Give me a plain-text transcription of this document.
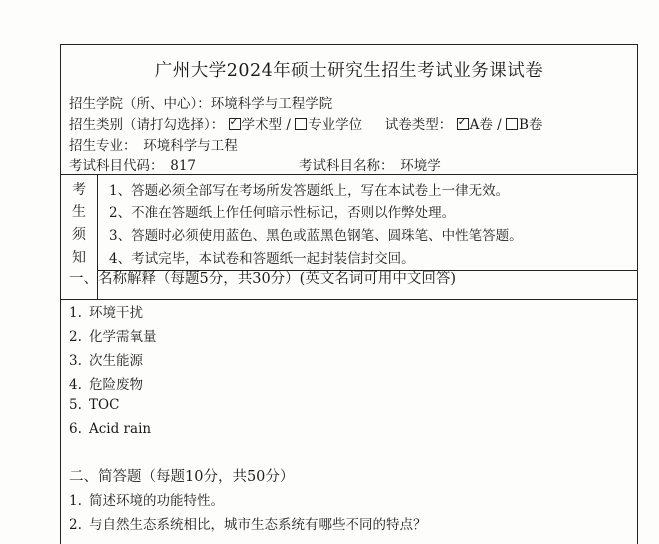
广州大学2024年硕士研究生招生考试业务课试卷
招生学院（所、中心）：环境科学与工程学院
招生类别（请打勾选择）： ✓ 学术型 / 专业学位 试卷类型： ✓ A卷 / B卷
招生专业：　环境科学与工程
考试科目代码：　817	考试科目名称：　环境学
考
生
须
知
1、答题必须全部写在考场所发答题纸上，写在本试卷上一律无效。
2、不准在答题纸上作任何暗示性标记，否则以作弊处理。
3、答题时必须使用蓝色、黑色或蓝黑色钢笔、圆珠笔、中性笔答题。
4、考试完毕，本试卷和答题纸一起封装信封交回。
一、名称解释（每题5分，共30分）(英文名词可用中文回答)
1. 环境干扰
2. 化学需氧量
3. 次生能源
4. 危险废物
5. TOC
6. Acid rain
二、简答题（每题10分，共50分）
1. 简述环境的功能特性。
2. 与自然生态系统相比，城市生态系统有哪些不同的特点？
